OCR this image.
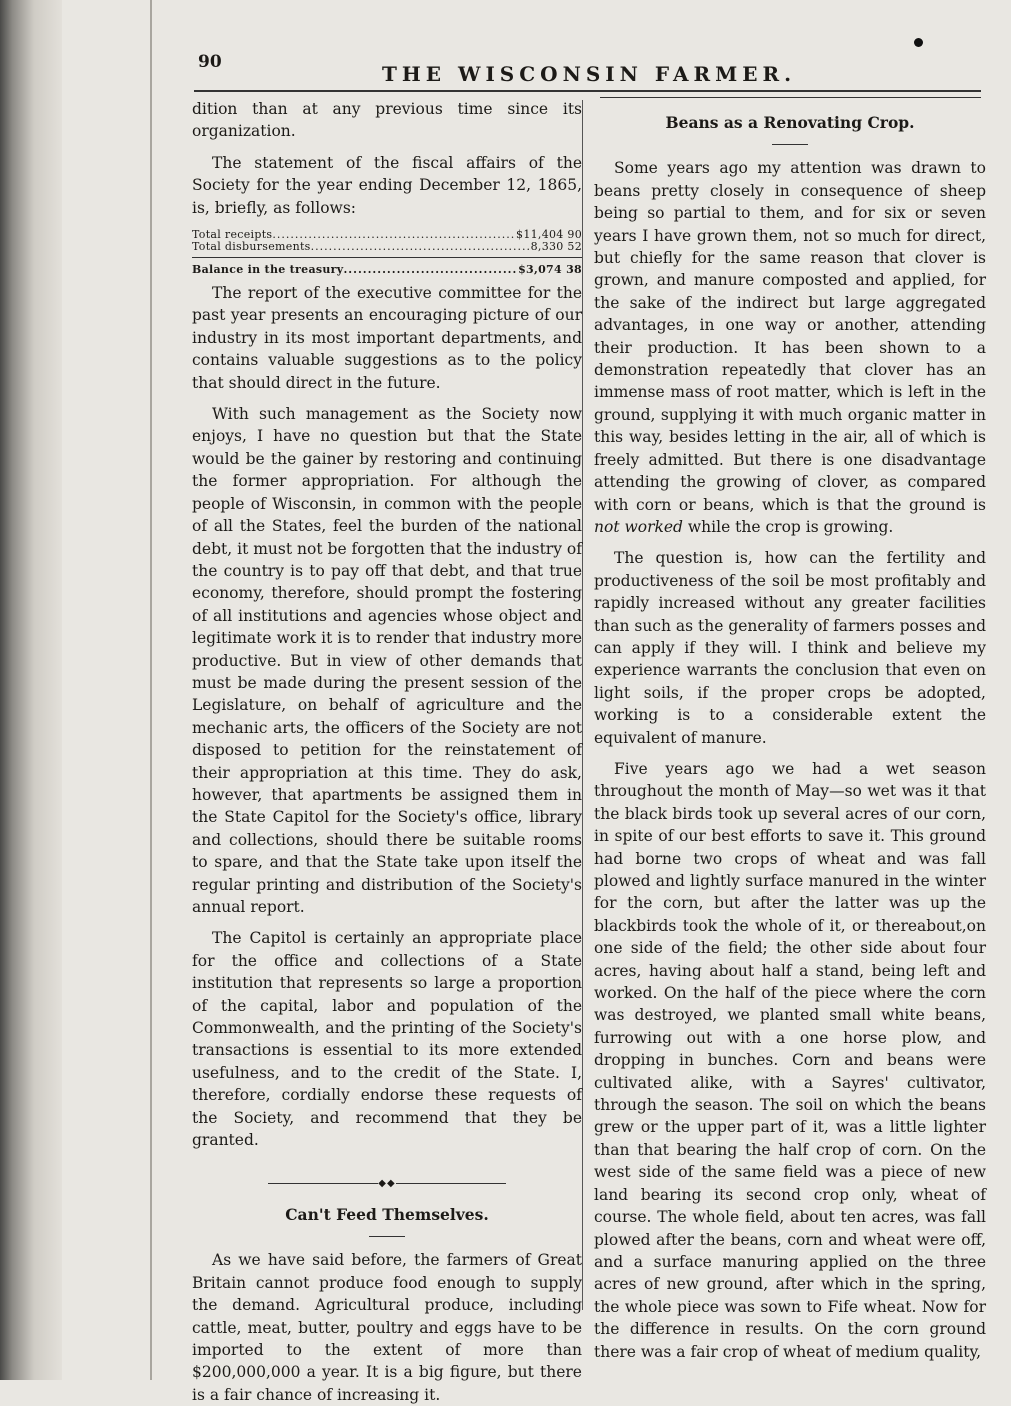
90	THE WISCONSIN FARMER.

dition than at any previous time since its organization.

The statement of the fiscal affairs of the Society for the year ending December 12, 1865, is, briefly, as follows:

Total receipts .....	$11,404 90
Total disbursements .....	8,330 52
Balance in the treasury .....	$3,074 38

The report of the executive committee for the past year presents an encouraging picture of our industry in its most important departments, and contains valuable suggestions as to the policy that should direct in the future.

With such management as the Society now enjoys, I have no question but that the State would be the gainer by restoring and continuing the former appropriation. For although the people of Wisconsin, in common with the people of all the States, feel the burden of the national debt, it must not be forgotten that the industry of the country is to pay off that debt, and that true economy, therefore, should prompt the fostering of all institutions and agencies whose object and legitimate work it is to render that industry more productive. But in view of other demands that must be made during the present session of the Legislature, on behalf of agriculture and the mechanic arts, the officers of the Society are not disposed to petition for the reinstatement of their appropriation at this time. They do ask, however, that apartments be assigned them in the State Capitol for the Society's office, library and collections, should there be suitable rooms to spare, and that the State take upon itself the regular printing and distribution of the Society's annual report.

The Capitol is certainly an appropriate place for the office and collections of a State institution that represents so large a proportion of the capital, labor and population of the Commonwealth, and the printing of the Society's transactions is essential to its more extended usefulness, and to the credit of the State. I, therefore, cordially endorse these requests of the Society, and recommend that they be granted.

◆◆
Can't Feed Themselves.

As we have said before, the farmers of Great Britain cannot produce food enough to supply the demand. Agricultural produce, including cattle, meat, butter, poultry and eggs have to be imported to the extent of more than $200,000,000 a year. It is a big figure, but there is a fair chance of increasing it.

Beans as a Renovating Crop.

Some years ago my attention was drawn to beans pretty closely in consequence of sheep being so partial to them, and for six or seven years I have grown them, not so much for direct, but chiefly for the same reason that clover is grown, and manure composted and applied, for the sake of the indirect but large aggregated advantages, in one way or another, attending their production. It has been shown to a demonstration repeatedly that clover has an immense mass of root matter, which is left in the ground, supplying it with much organic matter in this way, besides letting in the air, all of which is freely admitted. But there is one disadvantage attending the growing of clover, as compared with corn or beans, which is that the ground is not worked while the crop is growing.

The question is, how can the fertility and productiveness of the soil be most profitably and rapidly increased without any greater facilities than such as the generality of farmers posses and can apply if they will. I think and believe my experience warrants the conclusion that even on light soils, if the proper crops be adopted, working is to a considerable extent the equivalent of manure.

Five years ago we had a wet season throughout the month of May—so wet was it that the black birds took up several acres of our corn, in spite of our best efforts to save it. This ground had borne two crops of wheat and was fall plowed and lightly surface manured in the winter for the corn, but after the latter was up the blackbirds took the whole of it, or thereabout,on one side of the field; the other side about four acres, having about half a stand, being left and worked. On the half of the piece where the corn was destroyed, we planted small white beans, furrowing out with a one horse plow, and dropping in bunches. Corn and beans were cultivated alike, with a Sayres' cultivator, through the season. The soil on which the beans grew or the upper part of it, was a little lighter than that bearing the half crop of corn. On the west side of the same field was a piece of new land bearing its second crop only, wheat of course. The whole field, about ten acres, was fall plowed after the beans, corn and wheat were off, and a surface manuring applied on the three acres of new ground, after which in the spring, the whole piece was sown to Fife wheat. Now for the difference in results. On the corn ground there was a fair crop of wheat of medium quality,
